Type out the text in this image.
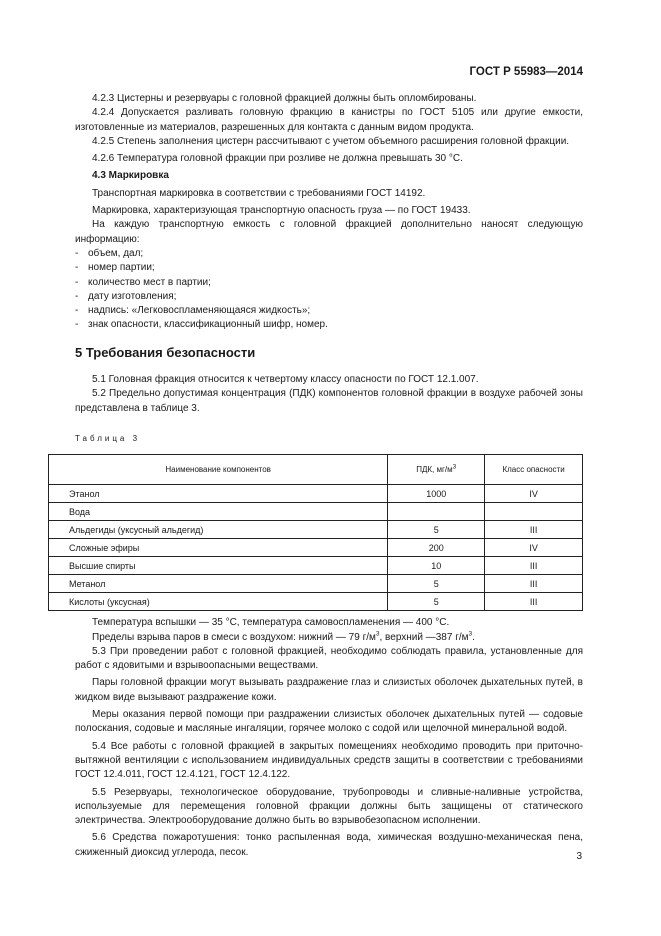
ГОСТ Р 55983—2014

4.2.3 Цистерны и резервуары с головной фракцией должны быть опломбированы.

4.2.4 Допускается разливать головную фракцию в канистры по ГОСТ 5105 или другие емкости, изготовленные из материалов, разрешенных для контакта с данным видом продукта.

4.2.5 Степень заполнения цистерн рассчитывают с учетом объемного расширения головной фракции.

4.2.6 Температура головной фракции при розливе не должна превышать 30 °С.

4.3 Маркировка

Транспортная маркировка в соответствии с требованиями ГОСТ 14192.

Маркировка, характеризующая транспортную опасность груза — по ГОСТ 19433.

На каждую транспортную емкость с головной фракцией дополнительно наносят следующую информацию:

- объем, дал;

- номер партии;

- количество мест в партии;

- дату изготовления;

- надпись: «Легковоспламеняющаяся жидкость»;

- знак опасности, классификационный шифр, номер.

5 Требования безопасности

5.1 Головная фракция относится к четвертому классу опасности по ГОСТ 12.1.007.

5.2 Предельно допустимая концентрация (ПДК) компонентов головной фракции в воздухе рабочей зоны представлена в таблице 3.

Таблица 3
Наименование компонентов	ПДК, $мг/м^3$	Класс опасности
Этанол	1000	IV
Вода		
Альдегиды (уксусный альдегид)	5	III
Сложные эфиры	200	IV
Высшие спирты	10	III
Метанол	5	III
Кислоты (уксусная)	5	III

Температура вспышки — 35 °С, температура самовоспламенения — 400 °С.

Пределы взрыва паров в смеси с воздухом: нижний — 79 $г/м^3$, верхний —387 $г/м^3$.

5.3 При проведении работ с головной фракцией, необходимо соблюдать правила, установленные для работ с ядовитыми и взрывоопасными веществами.

Пары головной фракции могут вызывать раздражение глаз и слизистых оболочек дыхательных путей, в жидком виде вызывают раздражение кожи.

Меры оказания первой помощи при раздражении слизистых оболочек дыхательных путей — содовые полоскания, содовые и масляные ингаляции, горячее молоко с содой или щелочной минеральной водой.

5.4 Все работы с головной фракцией в закрытых помещениях необходимо проводить при приточно-вытяжной вентиляции с использованием индивидуальных средств защиты в соответствии с требованиями ГОСТ 12.4.011, ГОСТ 12.4.121, ГОСТ 12.4.122.

5.5 Резервуары, технологическое оборудование, трубопроводы и сливные-наливные устройства, используемые для перемещения головной фракции должны быть защищены от статического электричества. Электрооборудование должно быть во взрывобезопасном исполнении.

5.6 Средства пожаротушения: тонко распыленная вода, химическая воздушно-механическая пена, сжиженный диоксид углерода, песок.	3
